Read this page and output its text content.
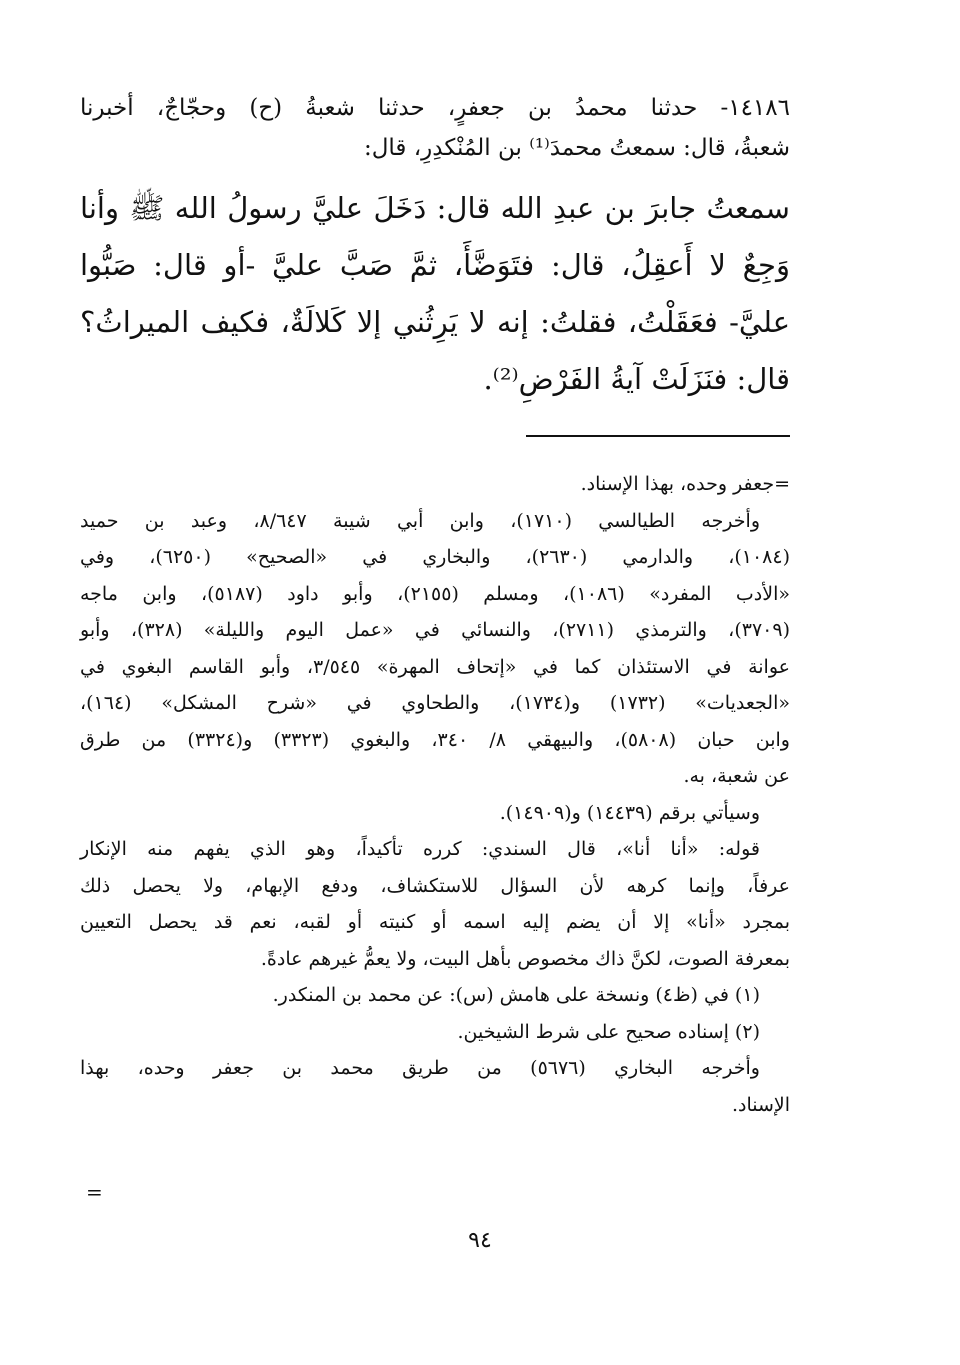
١٤١٨٦- حدثنا محمدُ بن جعفرٍ، حدثنا شعبةُ (ح) وحجّاجٌ، أخبرنا
شعبةُ، قال: سمعتُ محمدَ⁽¹⁾ بن المُنْكدِرِ، قال:
سمعتُ جابرَ بن عبدِ الله قال: دَخَلَ عليَّ رسولُ الله ﷺ وأنا
وَجِعٌ لا أَعقِلُ، قال: فتَوَضَّأَ، ثمَّ صَبَّ عليَّ -أو قال: صَبُّوا
عليَّ- فعَقَلْتُ، فقلتُ: إنه لا يَرِثُني إلا كَلالَةٌ، فكيف الميراثُ؟
قال: فنَزَلَتْ آيةُ الفَرْضِ⁽²⁾.
=جعفر وحده، بهذا الإسناد.
وأخرجه الطيالسي (١٧١٠)، وابن أبي شيبة ٨/٦٤٧، وعبد بن حميد
(١٠٨٤)، والدارمي (٢٦٣٠)، والبخاري في «الصحيح» (٦٢٥٠)، وفي
«الأدب المفرد» (١٠٨٦)، ومسلم (٢١٥٥)، وأبو داود (٥١٨٧)، وابن ماجه
(٣٧٠٩)، والترمذي (٢٧١١)، والنسائي في «عمل اليوم والليلة» (٣٢٨)، وأبو
عوانة في الاستئذان كما في «إتحاف المهرة» ٣/٥٤٥، وأبو القاسم البغوي في
«الجعديات» (١٧٣٢) و(١٧٣٤)، والطحاوي في «شرح المشكل» (١٦٤)،
وابن حبان (٥٨٠٨)، والبيهقي ٨/ ٣٤٠، والبغوي (٣٣٢٣) و(٣٣٢٤) من طرق
عن شعبة، به.
وسيأتي برقم (١٤٤٣٩) و(١٤٩٠٩).
قوله: «أنا أنا»، قال السندي: كرره تأكيداً، وهو الذي يفهم منه الإنكار
عرفاً، وإنما كرهه لأن السؤال للاستكشاف، ودفع الإبهام، ولا يحصل ذلك
بمجرد «أنا» إلا أن يضم إليه اسمه أو كنيته أو لقبه، نعم قد يحصل التعيين
بمعرفة الصوت، لكنَّ ذاك مخصوص بأهل البيت، ولا يعمُّ غيرهم عادةً.
(١) في (ظ٤) ونسخة على هامش (س): عن محمد بن المنكدر.
(٢) إسناده صحيح على شرط الشيخين.
وأخرجه البخاري (٥٦٧٦) من طريق محمد بن جعفر وحده، بهذا
الإسناد.
=
٩٤
